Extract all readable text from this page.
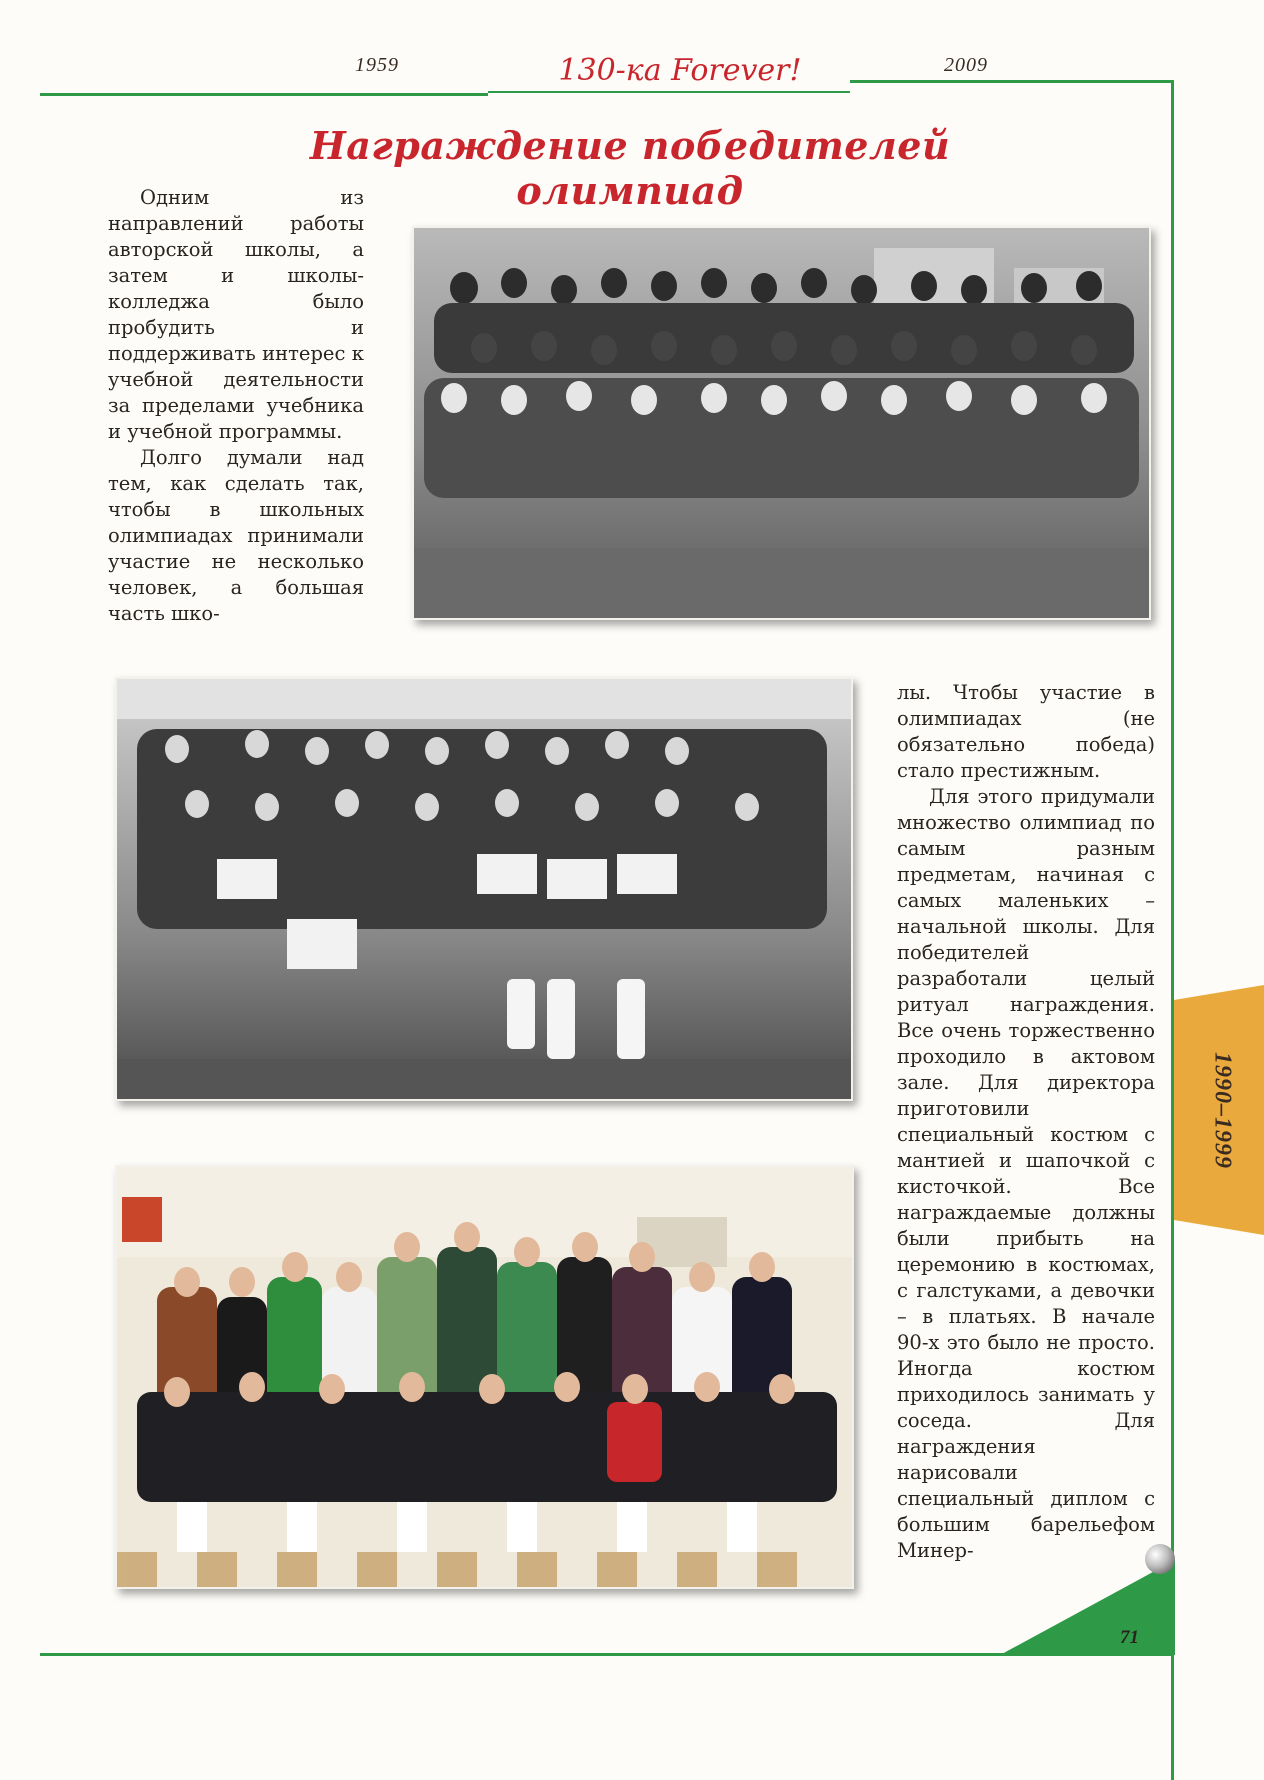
1959	130-ка Forever!	2009
Награждение победителей олимпиад

Одним из направлений работы авторской школы, а затем и школы-колледжа было пробудить и поддерживать интерес к учебной деятельности за пределами учебника и учебной программы.

Долго думали над тем, как сделать так, чтобы в школьных олимпиадах принимали участие не несколько человек, а большая часть шко-

лы. Чтобы участие в олимпиадах (не обязательно победа) стало престижным.

Для этого придумали множество олимпиад по самым разным предметам, начиная с самых маленьких – начальной школы. Для победителей разработали целый ритуал награждения. Все очень торжественно проходило в актовом зале. Для директора приготовили специальный костюм с мантией и шапочкой с кисточкой. Все награждаемые должны были прибыть на церемонию в костюмах, с галстуками, а девочки – в платьях. В начале 90-х это было не просто. Иногда костюм приходилось занимать у соседа. Для награждения нарисовали специальный диплом с большим барельефом Минер-

1990–1999
71
